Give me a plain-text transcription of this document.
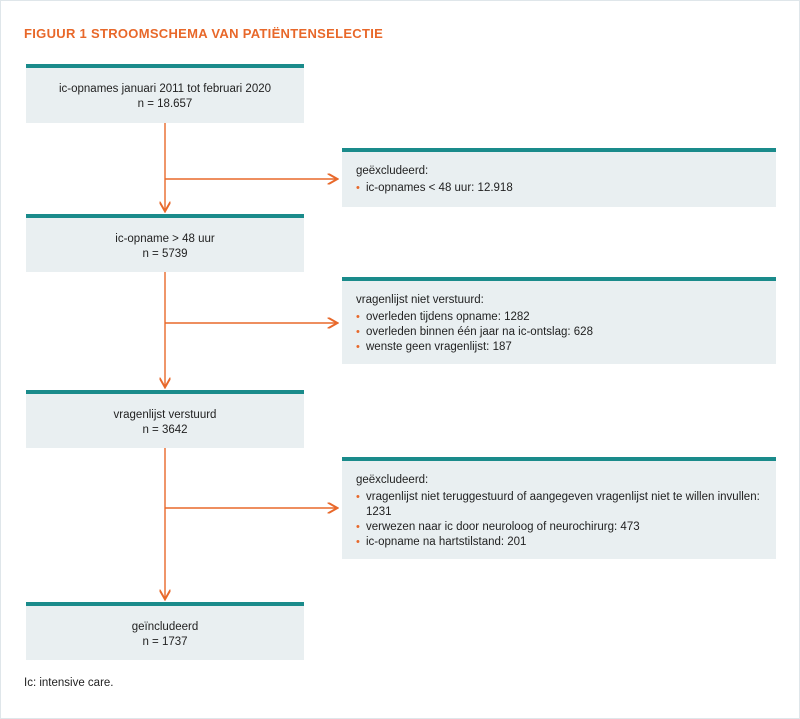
FIGUUR 1 STROOMSCHEMA VAN PATIËNTENSELECTIE
ic-opnames januari 2011 tot februari 2020
n = 18.657
ic-opname > 48 uur
n = 5739
vragenlijst verstuurd
n = 3642
geïncludeerd
n = 1737
geëxcludeerd:
• ic-opnames < 48 uur: 12.918
vragenlijst niet verstuurd:
• overleden tijdens opname: 1282
• overleden binnen één jaar na ic-ontslag: 628
• wenste geen vragenlijst: 187
geëxcludeerd:
• vragenlijst niet teruggestuurd of aangegeven vragenlijst niet te willen invullen: 1231
• verwezen naar ic door neuroloog of neurochirurg: 473
• ic-opname na hartstilstand: 201
Ic: intensive care.
